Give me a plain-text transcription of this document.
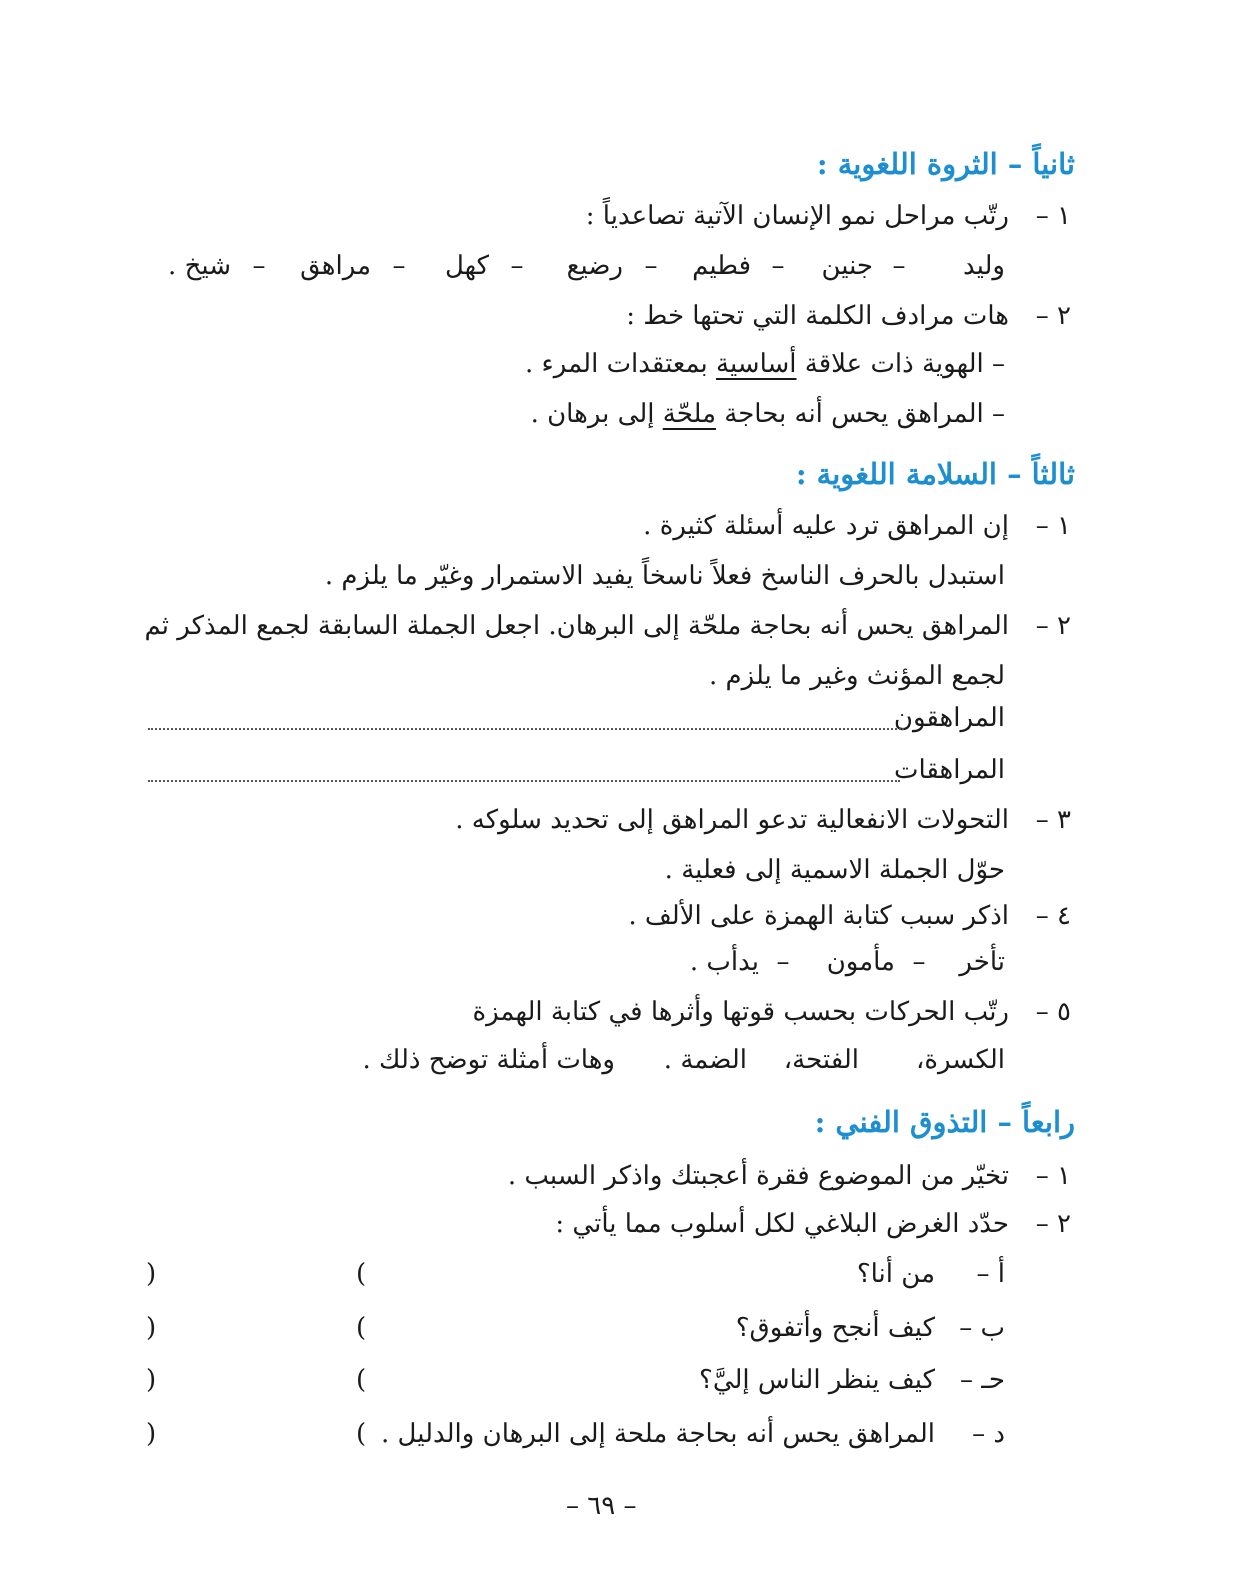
ثانياً – الثروة اللغوية :
١ –
رتّب مراحل نمو الإنسان الآتية تصاعدياً :
وليد
–
جنين
–
فطيم
–
رضيع
–
كهل
–
مراهق
–
شيخ .
٢ –
هات مرادف الكلمة التي تحتها خط :
– الهوية ذات علاقة أساسية بمعتقدات المرء .
– المراهق يحس أنه بحاجة ملحّة إلى برهان .
ثالثاً – السلامة اللغوية :
١ –
إن المراهق ترد عليه أسئلة كثيرة .
استبدل بالحرف الناسخ فعلاً ناسخاً يفيد الاستمرار وغيّر ما يلزم .
٢ –
المراهق يحس أنه بحاجة ملحّة إلى البرهان. اجعل الجملة السابقة لجمع المذكر ثم
لجمع المؤنث وغير ما يلزم .
المراهقون
المراهقات
٣ –
التحولات الانفعالية تدعو المراهق إلى تحديد سلوكه .
حوّل الجملة الاسمية إلى فعلية .
٤ –
اذكر سبب كتابة الهمزة على الألف .
تأخر
–
مأمون
–
يدأب .
٥ –
رتّب الحركات بحسب قوتها وأثرها في كتابة الهمزة
الكسرة،
الفتحة،
الضمة .
وهات أمثلة توضح ذلك .
رابعاً – التذوق الفني :
١ –
تخيّر من الموضوع فقرة أعجبتك واذكر السبب .
٢ –
حدّد الغرض البلاغي لكل أسلوب مما يأتي :
أ –
من أنا؟
(
)
ب –
كيف أنجح وأتفوق؟
(
)
حـ –
كيف ينظر الناس إليَّ؟
(
)
د –
المراهق يحس أنه بحاجة ملحة إلى البرهان والدليل .
(
)
– ٦٩ –
